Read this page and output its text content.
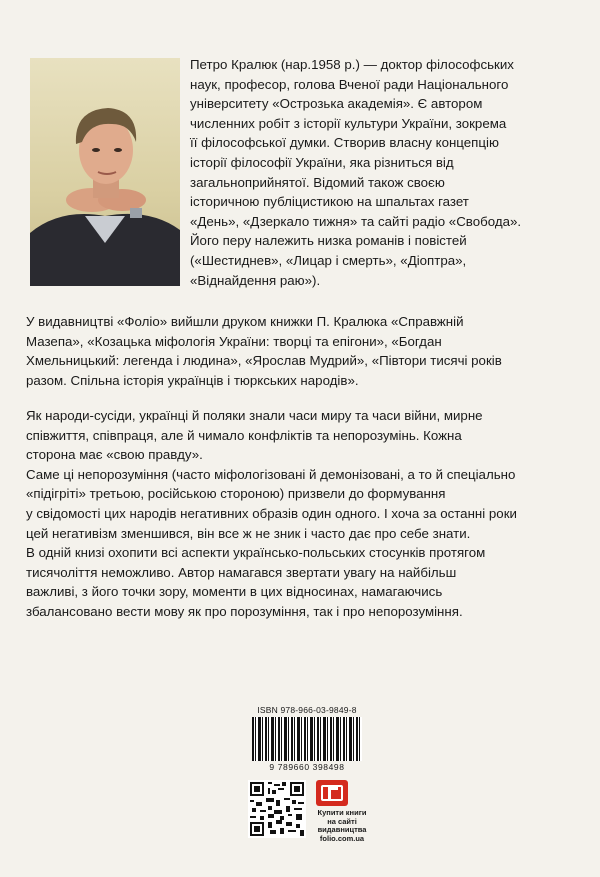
Петро Кралюк (нар.1958 р.) — доктор філософських
наук, професор, голова Вченої ради Національного
університету «Острозька академія». Є автором
численних робіт з історії культури України, зокрема
її філософської думки. Створив власну концепцію
історії філософії України, яка різниться від
загальноприйнятої. Відомий також своєю
історичною публіцистикою на шпальтах газет
«День», «Дзеркало тижня» та сайті радіо «Свобода».
Його перу належить низка романів і повістей
(«Шестиднев», «Лицар і смерть», «Діоптра»,
«Віднайдення раю»).
У видавництві «Фоліо» вийшли друком книжки П. Кралюка «Справжній
Мазепа», «Козацька міфологія України: творці та епігони», «Богдан
Хмельницький: легенда і людина», «Ярослав Мудрий», «Півтори тисячі років
разом. Спільна історія українців і тюркських народів».
Як народи-сусіди, українці й поляки знали часи миру та часи війни, мирне
співжиття, співпраця, але й чимало конфліктів та непорозумінь. Кожна
сторона має «свою правду».
Саме ці непорозуміння (часто міфологізовані й демонізовані, а то й спеціально
«підігріті» третьою, російською стороною) призвели до формування
у свідомості цих народів негативних образів один одного. І хоча за останні роки
цей негативізм зменшився, він все ж не зник і часто дає про себе знати.
В одній книзі охопити всі аспекти українсько-польських стосунків протягом
тисячоліття неможливо. Автор намагався звертати увагу на найбільш
важливі, з його точки зору, моменти в цих відносинах, намагаючись
збалансовано вести мову як про порозуміння, так і про непорозуміння.
ISBN 978-966-03-9849-8
9 789660 398498
Купити книги
на сайті
видавництва
folio.com.ua
